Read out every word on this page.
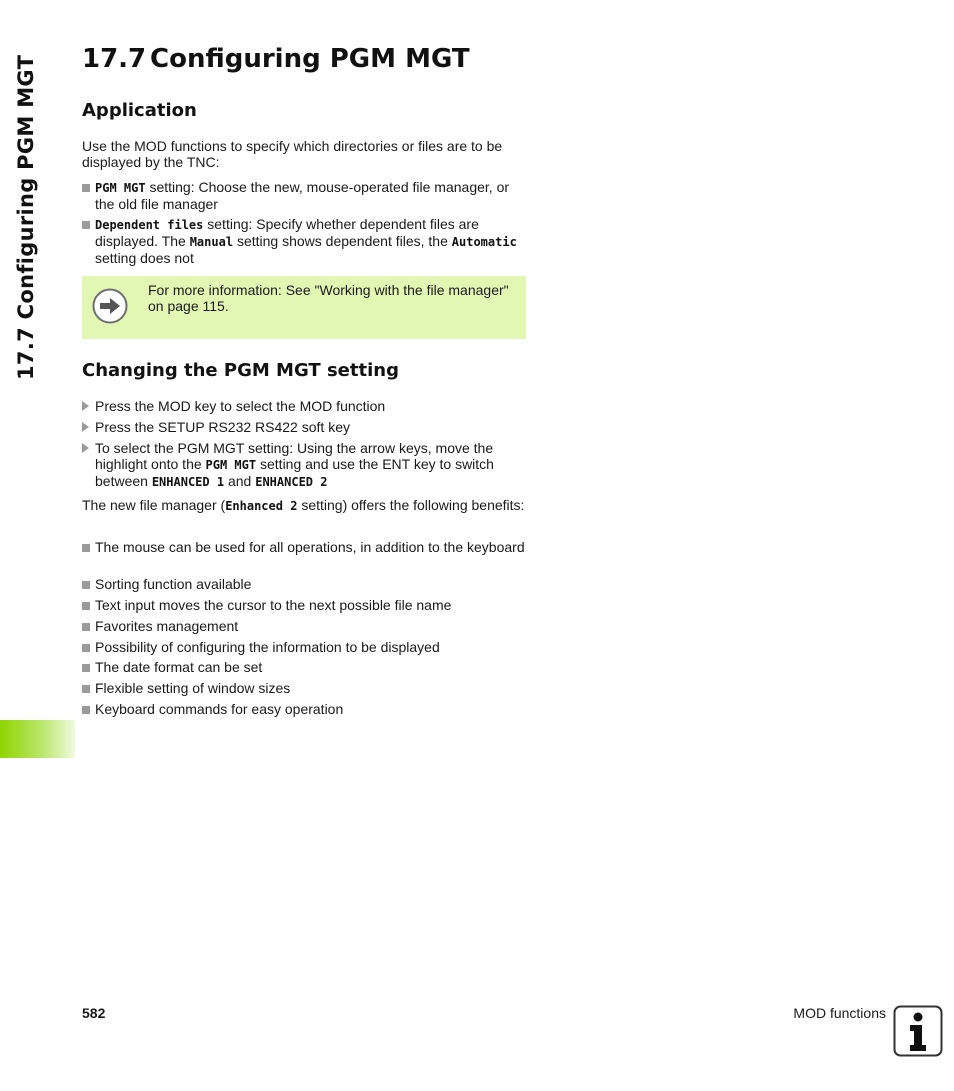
17.7 Configuring PGM MGT	17.7 Configuring PGM MGT
Application

Use the MOD functions to specify which directories or files are to be displayed by the TNC:

PGM MGT setting: Choose the new, mouse-operated file manager, or the old file manager
Dependent files setting: Specify whether dependent files are displayed. The Manual setting shows dependent files, the Automatic setting does not
For more information: See "Working with the file manager" on page 115.
Changing the PGM MGT setting
Press the MOD key to select the MOD function
Press the SETUP RS232 RS422 soft key
To select the PGM MGT setting: Using the arrow keys, move the highlight onto the PGM MGT setting and use the ENT key to switch between ENHANCED 1 and ENHANCED 2

The new file manager (Enhanced 2 setting) offers the following benefits:

The mouse can be used for all operations, in addition to the keyboard
Sorting function available
Text input moves the cursor to the next possible file name
Favorites management
Possibility of configuring the information to be displayed
The date format can be set
Flexible setting of window sizes
Keyboard commands for easy operation
582	MOD functions
